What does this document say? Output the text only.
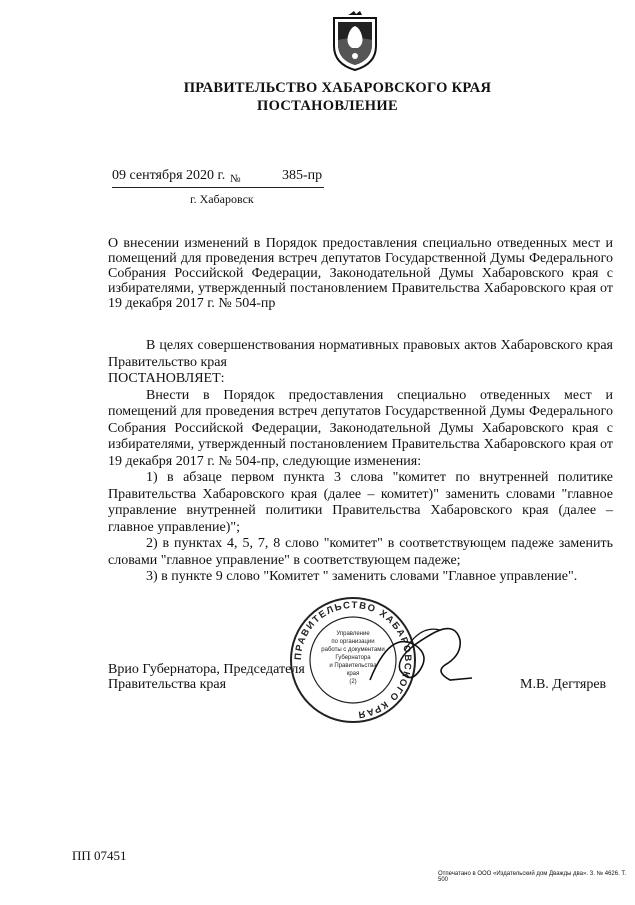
ПРАВИТЕЛЬСТВО ХАБАРОВСКОГО КРАЯ
ПОСТАНОВЛЕНИЕ
09 сентября 2020 г. №	385-пр
г. Хабаровск
О внесении изменений в Порядок предоставления специально отведенных мест и помещений для проведения встреч депутатов Государственной Думы Федерального Собрания Российской Федерации, Законодательной Думы Хабаровского края с избирателями, утвержденный постановлением Правительства Хабаровского края от 19 декабря 2017 г. № 504-пр

В целях совершенствования нормативных правовых актов Хабаровского края Правительство края

ПОСТАНОВЛЯЕТ:

Внести в Порядок предоставления специально отведенных мест и помещений для проведения встреч депутатов Государственной Думы Федерального Собрания Российской Федерации, Законодательной Думы Хабаровского края с избирателями, утвержденный постановлением Правительства Хабаровского края от 19 декабря 2017 г. № 504-пр, следующие изменения:

1) в абзаце первом пункта 3 слова "комитет по внутренней политике Правительства Хабаровского края (далее – комитет)" заменить словами "главное управление внутренней политики Правительства Хабаровского края (далее – главное управление)";

2) в пунктах 4, 5, 7, 8 слово "комитет" в соответствующем падеже заменить словами "главное управление" в соответствующем падеже;

3) в пункте 9 слово "Комитет " заменить словами "Главное управление".

Врио Губернатора, Председателя
Правительства края
ПРАВИТЕЛЬСТВО ХАБАРОВСКОГО КРАЯ
Управление
по организации
работы с документами
Губернатора
и Правительства
края
(2)	М.В. Дегтярев
ПП 07451
Отпечатано в ООО «Издательский дом Дважды два». З. № 4626. Т. 500
